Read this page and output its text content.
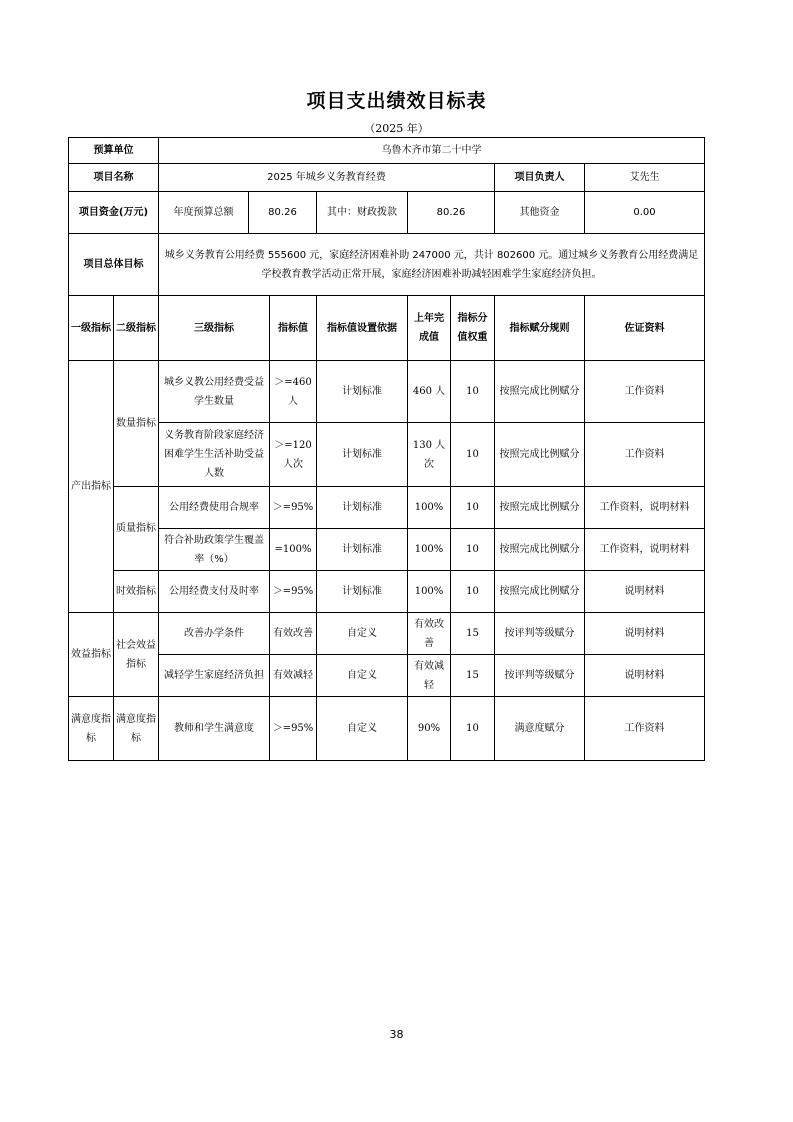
项目支出绩效目标表
（2025 年）
预算单位		乌鲁木齐市第二十中学							
项目名称		2025 年城乡义务教育经费						项目负责人	艾先生
项目资金(万元)		年度预算总额	80.26		其中：财政拨款	80.26		其他资金	0.00
项目总体目标		城乡义务教育公用经费 555600 元，家庭经济困难补助 247000 元，共计 802600 元。通过城乡义务教育公用经费满足学校教育教学活动正常开展，家庭经济困难补助减轻困难学生家庭经济负担。							
一级指标	二级指标	三级指标		指标值	指标值设置依据	上年完成值	指标分值权重	指标赋分规则	佐证资料
产出指标	数量指标	城乡义教公用经费受益学生数量		＞=460人	计划标准	460 人	10	按照完成比例赋分	工作资料
		义务教育阶段家庭经济困难学生生活补助受益人数		＞=120人次	计划标准	130 人次	10	按照完成比例赋分	工作资料
	质量指标	公用经费使用合规率		＞=95%	计划标准	100%	10	按照完成比例赋分	工作资料，说明材料
		符合补助政策学生覆盖率（%）		=100%	计划标准	100%	10	按照完成比例赋分	工作资料，说明材料
	时效指标	公用经费支付及时率		＞=95%	计划标准	100%	10	按照完成比例赋分	说明材料
效益指标	社会效益指标	改善办学条件		有效改善	自定义	有效改善	15	按评判等级赋分	说明材料
		减轻学生家庭经济负担		有效减轻	自定义	有效减轻	15	按评判等级赋分	说明材料
满意度指标	满意度指标	教师和学生满意度		＞=95%	自定义	90%	10	满意度赋分	工作资料
38
